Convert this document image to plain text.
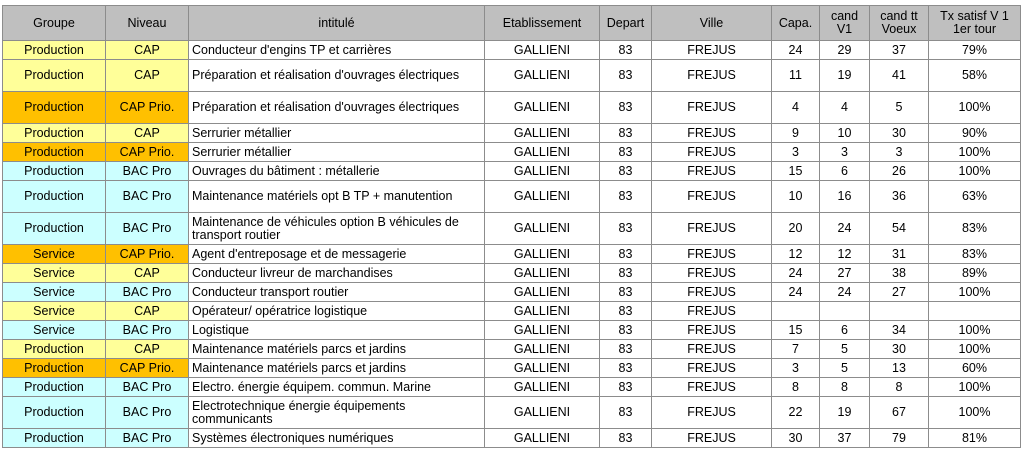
Groupe	Niveau	intitulé	Etablissement	Depart	Ville	Capa.	cand V1	cand tt Voeux	Tx satisf V 1 1er tour
Production	CAP	Conducteur d'engins TP et carrières	GALLIENI	83	FREJUS	24	29	37	79%
Production	CAP	Préparation et réalisation d'ouvrages électriques	GALLIENI	83	FREJUS	11	19	41	58%
Production	CAP Prio.	Préparation et réalisation d'ouvrages électriques	GALLIENI	83	FREJUS	4	4	5	100%
Production	CAP	Serrurier métallier	GALLIENI	83	FREJUS	9	10	30	90%
Production	CAP Prio.	Serrurier métallier	GALLIENI	83	FREJUS	3	3	3	100%
Production	BAC Pro	Ouvrages du bâtiment : métallerie	GALLIENI	83	FREJUS	15	6	26	100%
Production	BAC Pro	Maintenance matériels opt B TP + manutention	GALLIENI	83	FREJUS	10	16	36	63%
Production	BAC Pro	Maintenance de véhicules option B véhicules de transport routier	GALLIENI	83	FREJUS	20	24	54	83%
Service	CAP Prio.	Agent d'entreposage et de messagerie	GALLIENI	83	FREJUS	12	12	31	83%
Service	CAP	Conducteur livreur de marchandises	GALLIENI	83	FREJUS	24	27	38	89%
Service	BAC Pro	Conducteur transport routier	GALLIENI	83	FREJUS	24	24	27	100%
Service	CAP	Opérateur/ opératrice logistique	GALLIENI	83	FREJUS				
Service	BAC Pro	Logistique	GALLIENI	83	FREJUS	15	6	34	100%
Production	CAP	Maintenance matériels parcs et jardins	GALLIENI	83	FREJUS	7	5	30	100%
Production	CAP Prio.	Maintenance matériels parcs et jardins	GALLIENI	83	FREJUS	3	5	13	60%
Production	BAC Pro	Electro. énergie équipem. commun. Marine	GALLIENI	83	FREJUS	8	8	8	100%
Production	BAC Pro	Electrotechnique énergie équipements communicants	GALLIENI	83	FREJUS	22	19	67	100%
Production	BAC Pro	Systèmes électroniques numériques	GALLIENI	83	FREJUS	30	37	79	81%
